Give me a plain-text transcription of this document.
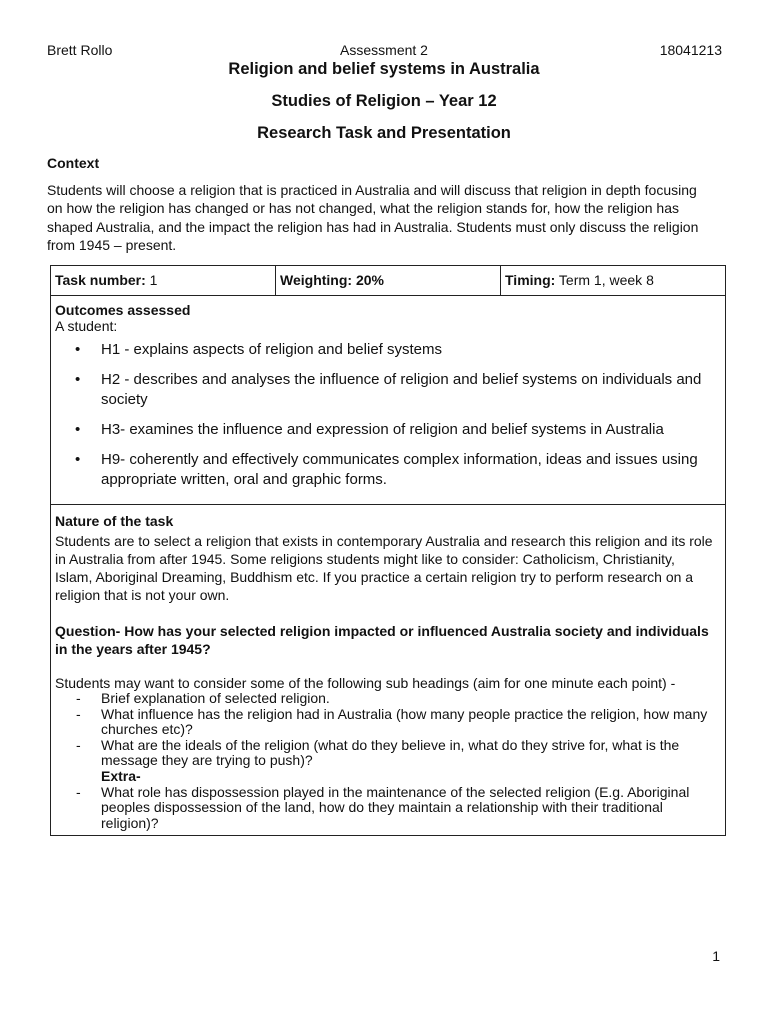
Brett Rollo	Assessment 2	18041213
Religion and belief systems in Australia
Studies of Religion – Year 12
Research Task and Presentation
Context
Students will choose a religion that is practiced in Australia and will discuss that religion in depth focusing
on how the religion has changed or has not changed, what the religion stands for, how the religion has
shaped Australia, and the impact the religion has had in Australia. Students must only discuss the religion
from 1945 – present.
Task number: 1	Weighting: 20%	Timing: Term 1, week 8

Outcomes assessed
A student:
• H1 - explains aspects of religion and belief systems
• H2 - describes and analyses the influence of religion and belief systems on individuals and society
• H3- examines the influence and expression of religion and belief systems in Australia
• H9- coherently and effectively communicates complex information, ideas and issues using appropriate written, oral and graphic forms.

Nature of the task
Students are to select a religion that exists in contemporary Australia and research this religion and its role
in Australia from after 1945. Some religions students might like to consider: Catholicism, Christianity,
Islam, Aboriginal Dreaming, Buddhism etc. If you practice a certain religion try to perform research on a
religion that is not your own.
Question- How has your selected religion impacted or influenced Australia society and individuals
in the years after 1945?
Students may want to consider some of the following sub headings (aim for one minute each point) -
- Brief explanation of selected religion.
- What influence has the religion had in Australia (how many people practice the religion, how many churches etc)?
- What are the ideals of the religion (what do they believe in, what do they strive for, what is the message they are trying to push)?
Extra-
- What role has dispossession played in the maintenance of the selected religion (E.g. Aboriginal peoples dispossession of the land, how do they maintain a relationship with their traditional religion)?
1
